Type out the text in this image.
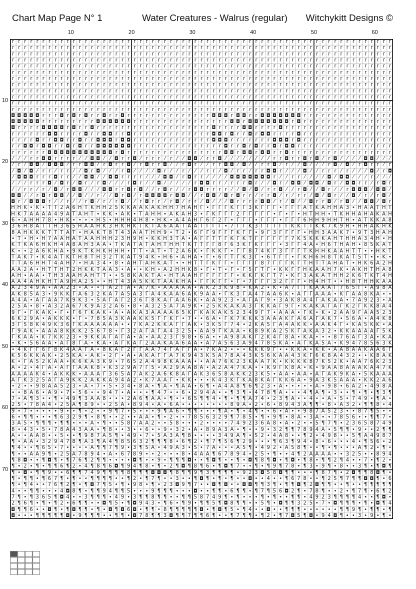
Chart Map Page N° 1	Water Creatures - Walrus (regular) Witchykitt Designs ©
10	20	30	40	50	60
10
20
30
40
50
60
70
r r r r r r r r r r r r r r r r r r r r r r r r r r r r r r r r r r r r r r r r r r r r r r r r r r r r r r r r r r r r r r r
r r r r r r r r r r r r r r r r r r r r r r r r r r r r r r r r r r r r r r r r r r r r r r r r r r r r r r r r r r r r r r r
r r r r r r r r r r r r r r r r r r r r r r r r r r r r r r r r r r r r r r r r r r r r r r r r r r r r r r r r r r r r r r r
r r r r r r r r r r r r r r r r r r r r r r r r r r r r r r r r r r r r r r r r r r r r r r r r r r r r r r r r r r r r r r r
r r r r r r r r r r r r r r r r r r r r r r r r r r r r r r r r r r r r r r r r r r r r r r r r r r r r r r r r r r r r r r r
r r r r r r r r r r r r r r r r r r r r r r r r r r r r r r r r r r r r r r r r r r r r r r r r r r r r r r r r r r r r r r r
r r r r r r r r r r r r r r r r r r r r r r r r r r r r r r r r r r r r r r r r r r r r r r r r r r r r r r r r r r r r r r r
r r r r r r r r r r r r r r r r r r r r r r r r r r r r r r r r r r r r r r r r r r r r r r r r r r r r r r r r r r r r r r r
r r r r r r r r r r r r r r r r r r r r r r r r r r r r r r r r r r r r r r r r r r r r r r r r r r r r r r r r r r r r r r r
r r r r r r r r r r r r r r r r r r r r r r r r r r r r r r r r r r r r r r r r r r r r r r r r r r r r r r r r r r r r r r r
r r r r r r r r r r r r r r r r r r r r r r r r r r r r r r r r r r r r r r r r r r r r r r r r r r r r r r r r r r r r r r r
r r r r r r r r r r r r r r r r r r r r r r r r r r r r r r r r r r r r r r r r r r r r r r r r r r r r r r r r r r r r r r r
◘ ◘ ◘ ◘ ◘ r r r ◘ r ◘ r ◘ r r ◘ r r ◘ r r r r r r r r r r r r r r ◘ ◘ ◘ r ◘ ◘ r r ◘ ◘ ◘ ◘ ◘ ◘ ◘ r r r r r r r r r r r r r r r
◘ ◘ ◘ ◘ ◘ r r r r r r r r r ◘ ◘ ◘ ◘ ◘ ◘ r r r r r r r r r r r r r r r r ◘ ◘ r ◘ ◘ ◘ ◘ ◘ ◘ ◘ r ◘ r r r r r r r r r r r r r r r
◘ r r r r ◘ ◘ ◘ ◘ r ◘ r r ◘ r r r r r r r r r r r r r r r r r r r ◘ r r r r ◘ ◘ r r r r ◘ r r r r r r r r r r r r r r r r r r
r r r r r r ◘ ◘ r r r r ◘ r r ◘ ◘ r r ◘ r r r r r r r r r r r r r ◘ ◘ r ◘ r r ◘ r ◘ ◘ r r r r ◘ r r r r r r r r r r r r r r r
r r r r ◘ r r ◘ ◘ r r ◘ r r ◘ ◘ ◘ r ◘ ◘ r r r r r r r r r r r r r ◘ ◘ ◘ r r r r r r r ◘ ◘ ◘ r ◘ r r r r r r r r r r r r r r r
r r ◘ ◘ r ◘ ◘ r r ◘ r ◘ r r ◘ ◘ ◘ ◘ ◘ ◘ r r r r r r r r r r r r r r r ◘ r r ◘ r ◘ r r ◘ r ◘ ◘ r r r r r r r r r r r r r r r r
r r r r r r ◘ ◘ ◘ ◘ ◘ ◘ ◘ ◘ ◘ ◘ ◘ r ◘ r r r r r r r r r r r r r r r r ◘ ◘ r ◘ ◘ r ◘ ◘ r r ◘ r r r r r r r r r r r r r r r r r
⁄ ⁄ ⁄ r r ◘ ◘ r r r r ⁄ ⁄ ◘ ◘ ⁄ ⁄ ◘ r r ◘ ⁄ r r r ⁄ r ⁄ ⁄ ◘ ◘ ⁄ r r ◘ ⁄ ⁄ ⁄ ⁄ ⁄ ⁄ ⁄ ⁄ r r ◘ r r ◘ r ◘ ⁄ r ◘ ⁄ ⁄ ⁄ ⁄ ◘ ◘ ⁄ ⁄ ⁄
⁄ r ⁄ ◘ ◘ ⁄ ◘ ◘ ◘ ⁄ r r ◘ ◘ ⁄ r ◘ r r ◘ ⁄ r ◘ r r ◘ ⁄ ⁄ r ◘ r ⁄ ⁄ r r ◘ ◘ ⁄ ◘ ⁄ ⁄ r r ◘ ⁄ r ⁄ ⁄ ◘ ⁄ ⁄ ⁄ r ◘ ⁄ ◘ ⁄ r ◘ r r ⁄ r
⁄ ◘ ⁄ ◘ ⁄ r r ⁄ r r ⁄ ⁄ ◘ r ◘ ⁄ ⁄ ⁄ r ◘ ⁄ ⁄ ⁄ ⁄ ◘ r ⁄ ⁄ r ⁄ ⁄ ⁄ r r ⁄ ◘ ⁄ r r ⁄ r r ◘ ◘ r ⁄ ⁄ ⁄ ◘ ⁄ ⁄ r r r ⁄ r ⁄ ⁄ ⁄ ◘ ⁄ r ◘
⁄ ◘ ◘ ◘ r r r ◘ r r ⁄ ⁄ ◘ ◘ ⁄ ⁄ ◘ ◘ r r r r ⁄ ⁄ ⁄ ◘ ◘ ⁄ r ◘ r r ⁄ ⁄ ⁄ ⁄ ◘ ◘ ◘ ◘ ◘ ◘ ◘ r ⁄ ⁄ r r ⁄ ⁄ ⁄ ⁄ ◘ ⁄ ◘ ◘ ⁄ ⁄ ⁄ r ⁄ ⁄ ⁄
⁄ ⁄ ⁄ r r r ◘ ⁄ ◘ r ⁄ ◘ r ⁄ r ◘ ⁄ ⁄ ⁄ r ◘ r ⁄ ⁄ ◘ ⁄ ⁄ ⁄ ⁄ ⁄ r ◘ ◘ r r ⁄ r r r ◘ r ⁄ ⁄ ◘ r ⁄ ◘ ◘ ⁄ ◘ ◘ ⁄ ◘ r ⁄ ◘ ◘ r r ⁄ r ◘ r
⁄ ⁄ r r ⁄ r ⁄ ◘ ⁄ r ◘ ◘ ⁄ ⁄ ⁄ ◘ ◘ r r ◘ r ◘ ⁄ ⁄ r ◘ r ⁄ ⁄ r ◘ ◘ r r r r ⁄ ⁄ ◘ ⁄ ◘ ⁄ r r ◘ ⁄ ⁄ r ◘ ⁄ ⁄ ◘ r ⁄ ⁄ r ◘ ◘ ◘ ⁄ ◘ ◘ ⁄
◘ ◘ ⁄ ⁄ r ◘ r ◘ ◘ ⁄ ⁄ ◘ ⁄ ⁄ r ⁄ ⁄ ◘ r ◘ ⁄ r ◘ ◘ ◘ ◘ r ◘ ◘ ⁄ ⁄ r ◘ ◘ ⁄ ◘ r ◘ r r ⁄ r r ◘ ⁄ r ⁄ r r ⁄ ◘ ⁄ ◘ r ⁄ ⁄ ◘ ⁄ r ⁄ r ◘ ⁄
◘ r ⁄ ◘ ◘ ◘ r ⁄ ⁄ r ⁄ ⁄ r ◘ ⁄ r ⁄ r ◘ ⁄ ⁄ r ◘ r r ⁄ r ◘ ⁄ r r ⁄ ◘ ⁄ ⁄ ⁄ ◘ r r r r ◘ ◘ ⁄ r ⁄ ◘ ⁄ ⁄ ◘ r r ◘ ⁄ r ◘ ⁄ ⁄ ◘ ◘ ⁄ ◘ r
H H K • K • T T 2 A 6 H T K H H 2 5 K K A A K A K H H 7 H A H Γ • Γ Γ Γ K Γ Γ 3 K Γ Γ Γ • Γ Γ Γ A T K A H H A 3 • H A A T H T
H K 7 A A A A 4 9 A T A H T • K K • A K • T A H H • A K A H 3 • Γ K Γ Γ Γ 2 Γ Γ Γ Γ Γ • Γ • Γ • H T H H • T K H H A H A K A H
6 • A H H 7 8 • H K • • • • H 5 • H H H 4 H 8 • H K • A 4 A H Γ 6 Γ 2 Γ • Γ Γ Γ • Γ Γ Γ • Γ Γ Γ 6 H H 9 H H T H • A T K K A 8
3 6 H 8 A T T H 3 6 5 H A A H K 3 H K H K T K T A 6 A A T A A T Γ Γ Γ • 7 Γ Γ K 3 Γ Γ T Γ Γ K K T T K K 7 K 9 H • H H A K H K
8 A H K K K T T T A T • H A K T 8 T 4 3 A A T H H 9 • T 2 • 6 Γ Γ 9 Γ Γ Γ K Γ Γ • 9 Γ 3 Γ Γ Γ Γ • H H 3 A A K 7 • 9 T 3 H A H
• T • H • H 7 A A H A T A A H H H 2 3 H 9 H • K K H 3 T A • A Γ Γ T T Γ K Γ K T Γ Γ Γ Γ Γ Γ 7 K 5 K K K A H T H H A 3 4 H • H
K T K A 6 H K H 4 A 8 A H 3 A A • T K A T A T A H T H H T K T T Γ Γ 8 Γ 6 3 K Γ K Γ Γ Γ • 3 Γ Γ 4 A • H 6 T H A H • 8 5 K A T
K • • 2 A 6 K H A • 9 K T K H K H H H • T T • A T • T 2 A 6 K • Γ K K Γ • Γ Γ 8 7 4 K Γ 3 Γ Γ Γ T K H H K A A H T T • • H K T
T A K 7 • K 4 A T K T H 8 T H 3 2 T K A T 9 4 K • H 6 • A H A • Γ • 6 Γ T Γ K 3 Γ • 6 T Γ Γ • Γ K H 6 H 8 T K A T 5 T • • K •
T T A 6 H H T 4 A H 7 • H A 3 4 • 8 • A H T A H K A T • • H T T Γ K Γ Γ • Γ Γ Γ Γ 8 7 Γ Γ Γ K Γ T H T T A H A T • H K 6 A 2 H
A A 2 A • H T T H T 2 H K K T A A 3 • A • • K H • A 2 H H K 8 • Γ • T • Γ • Γ 5 Γ T Γ • K K Γ Γ H K A A H 7 K • A K H T H A 8
A H • A A • T H 3 A A H A H T T • • 5 8 K A K T A • H T A A H Γ Γ Γ Γ Γ Γ • K K Γ K Γ T 7 • K Γ 3 A K A T H H 2 K 6 T K T 4 H
A A 4 A H K H T A 9 H A 2 5 • • H T 4 3 A 5 K K T A A K H A • Γ Γ K Γ Γ • Γ • 7 Γ Γ Γ 3 2 Γ Γ Γ • H 4 H T • • H 8 T H H K A A
A 2 3 4 9 A • A A 2 3 • A • • Γ A 2 Γ A • A 7 K • A A A A A • A K 2 3 K 9 8 • K A 2 • K • A 7 Γ Γ K A A A Γ 7 6 5 Γ • A 9 8 A
A K 8 5 A 3 • 9 K K Γ A 6 3 2 K A 7 A 5 A 3 Γ A 4 K A A 6 A K 9 A A • Γ K 3 Γ A 4 7 A A 6 K • A Γ Γ A A A • K Γ A A 8 K A • •
A 4 A • A Γ A A 7 K 9 K 3 • 5 A Γ A Γ 2 3 6 Γ 8 K A Γ A A 6 K • A A 9 2 3 • A Γ A Γ 9 • 3 A K 8 A 4 Γ A K A A • 7 A 9 2 3 • A
2 5 A • 8 • A 3 2 A 6 7 K 9 A 3 2 A 6 • 8 • A 3 2 5 A 7 A 9 K • 2 5 K K A K A 3 Γ K K A Γ 9 Γ • K A K A Γ A Γ K 2 Γ K K 8 A 4
9 Γ • Γ K A K • Γ • Γ 6 Γ K A K • A • A K A 3 A A A A 6 5 K Γ K A K A K 5 2 3 4 9 Γ 7 • A A A • Γ K • K • 2 A A 9 Γ A A 5 2 3
6 K 2 9 A • A K K K • Γ • 7 8 5 A 3 K A A K K 5 Γ Γ K Γ • 7 • • 6 A • Γ K 7 K K K 3 A A A K Γ A 6 A Γ A K 7 • 5 6 A • A 4 K 8
3 Γ 5 8 K 4 9 K 3 6 Γ K A A A A A A • • 7 K A 2 K K A Γ Γ A K • 3 K 5 Γ 7 4 • 2 K A 5 Γ A 4 A K K • A A K 4 Γ • K A 5 K K • A
Γ 9 A K • A A A 8 K K K 2 5 6 7 8 • Γ 3 2 A Γ A Γ A 4 3 2 5 • A A 9 Γ K A A • K 8 9 K A 2 5 K Γ A K A 3 2 • K K A A A A Γ 5 K
Γ K A A • K 7 K K 2 3 • 9 K K A Γ A Γ A • A • A A 2 3 Γ 9 8 • 6 A • • A 9 8 A K Γ 2 K 4 Γ 8 A • K A • • • 8 7 6 A Γ 3 A • K A
• K • 5 6 A A • A Γ 8 Γ A • K A • A Γ K A Γ 2 A A K A A 6 A A • A 7 A 5 6 3 A 9 4 7 8 5 K A • A Γ K A 5 A • K 9 4 7 8 5 6 3 K
• 4 K Γ Γ 6 Γ 8 K 4 A A Γ A • 8 K A Γ 2 Γ Γ A A 7 4 Γ A Γ Γ A • 7 K A 2 • • • K K K 9 Γ • • K K A • K K • A A 8 A A K A A 6 Γ
K 5 6 K K A K • 2 5 K A • A K • 2 Γ • A • A K A Γ Γ A 7 K 9 4 3 K 5 A 7 8 A 4 3 K 5 6 K A A 4 3 K Γ 6 K 8 A 4 3 2 • • K 8 A K
K • Γ A 5 2 K A A • K 6 K A 3 K 9 • 7 6 5 2 A 4 9 8 K A A A • • A A 7 6 K 2 3 K A A 7 K • K K K K 8 7 K 5 2 K • A A 7 6 K 2 3
A • 2 • 4 Γ A • A Γ Γ A A K 8 • K 3 2 9 A 7 Γ 5 • A 2 9 A A 8 A • A 2 A 4 7 K A • • K 9 Γ K 8 A • K • 9 A A 8 A A A K A 4 7 K
A A A A K 4 • A K K K • A A A Γ 3 6 5 A 7 A K 2 A 6 K 8 A Γ A K 3 6 5 8 A K K 2 3 K 5 • A A • A A • A Γ A K 9 K A • 5 K A A A
A Γ K 3 2 5 A Γ A 9 K K 2 A K K A 9 4 A 2 • K 7 A A Γ • K K • • • K 4 3 K Γ K A 8 K A Γ K K 6 A • 9 A 3 K 5 A A A • K K 2 A 6
• 2 • • 9 8 A A 5 2 3 • A • 7 • 5 • 3 4 • 8 A • ¶ A • ¶ A A • 6 ¶ • A 4 A 8 ¶ 6 ¶ 2 3 • A • • • • • A • 9 8 • 6 A 2 • 4 9 8 A
• • 8 A 6 • A 9 • 7 • 5 6 • • 9 4 7 • A • • • ¶ 4 7 • • 6 • 2 9 4 A • • ¶ 3 ¶ • 4 7 8 ¶ A • • • 4 ¶ A ¶ • 3 • • ¶ • ¶ • ¶ 3 ¶
7 • A ¶ 3 • • ¶ • 4 9 ¶ 3 A A 8 • • • 2 A 6 ¶ A A • ¶ • • 6 5 ¶ ¶ 4 • ¶ • ¶ ¶ A 7 4 • 2 3 ¶ A • • 4 • • A • 5 • 7 4 9 • ¶ A •
2 5 • 7 8 A 4 • 2 5 A ¶ 8 9 • • 2 5 A • 8 9 4 • A • 6 A • • • • • • • • 8 9 A • 2 • 6 • 8 9 4 3 A ¶ ¶ • 8 • A 3 2 • ¶ ¶ 8 • 4
9 • 7 • • • • • 9 • • ¶ • 2 • • 9 ¶ 7 • 5 • • • 9 ¶ A 6 • ¶ ¶ • • • ¶ A • ¶ • 4 ¶ • • 6 • A • • 9 8 7 A 5 2 3 • • 8 7 ¶ 5 • •
6 • ¶ ¶ • • • ¶ 6 3 2 9 ¶ • 8 ¶ • • 2 • • A A • ¶ • 2 • • 7 8 5 6 3 2 9 ¶ 7 8 5 • ¶ • 9 ¶ • 8 A • 3 A • • 7 8 5 6 • • ¶ ¶ 7 •
3 A 5 • ¶ ¶ ¶ • ¶ ¶ • • • A • ¶ • • 5 8 7 A A 2 • • 5 8 • • • 2 • • • • 7 4 9 2 3 6 A 8 • A • 2 • • 5 ¶ 7 ¶ • 2 3 6 5 8 7 4 9
8 • 4 3 • 5 • 7 8 A 4 3 A A • ¶ 8 • • 3 • • 6 • • 9 • 3 2 • A • 8 9 A 3 A • ¶ • • 9 • 3 2 ¶ ¶ 7 8 9 4 A • 5 ¶ ¶ • 9 • • 2 ¶ ¶
A • • A A 8 • • 5 • • ¶ 9 8 7 A 5 ¶ • 4 9 • 7 • 5 A 3 A ¶ 8 • • • • 3 4 9 A ¶ • 5 2 • 4 A 8 • • ¶ 2 • 4 9 8 • • 5 ¶ A 4 9 8 7
¶ • A A • 3 2 9 4 7 8 ¶ A 3 ¶ A 4 ¶ 8 5 6 3 2 ¶ ¶ ¶ 8 • 6 ¶ 2 • ¶ 7 ¶ 5 6 ¶ 2 9 • • • ¶ 6 3 ¶ 9 4 • 8 • 6 • • • 4 • ¶ 5 6 • 2
¶ 4 • • ¶ 6 5 • 7 • • • • A ¶ ¶ 7 ¶ 9 • 3 ¶ 5 A • 4 9 A 3 • 5 • 7 A • • • A 5 ¶ • 4 9 2 • A 5 8 ¶ • • ¶ • ¶ • • • A ¶ 2 • ¶ •
¶ • • A A 9 ¶ • 2 5 A 7 8 9 4 • A • 6 7 8 9 • • 2 • • • 8 • 4 A A ¶ 6 7 8 9 4 • 2 5 • ¶ • • 4 ¶ 2 A A A A • • 3 2 5 • • 8 9 4
¶ 8 ◘ • • ¶ ◘ ¶ • ¶ 7 6 ¶ 2 ¶ ¶ • • • • ◘ ¶ • • 9 • ¶ ¶ ¶ ◘ • • ¶ ◘ ¶ • • ¶ • ◘ ¶ 8 ¶ ◘ • ¶ ◘ • ¶ 8 • ¶ ¶ 2 ¶ 4 • • 7 • ¶ 2 •
¶ • 2 • ¶ • ¶ ¶ 6 ¶ 2 • 4 ¶ 8 ¶ 6 ◘ ¶ 9 4 ¶ 8 • ¶ • 2 ¶ ◘ ¶ 8 ¶ 6 • ¶ ◘ ¶ 7 • • ¶ • ¶ 9 ¶ 7 8 • ¶ 3 • 9 ¶ • 8 • • 3 ¶ • ¶ ◘ ¶
¶ • ◘ • ¶ ¶ 9 • • 6 ¶ ¶ 7 4 9 ¶ ¶ ¶ ¶ 8 ¶ ¶ ¶ ◘ ◘ ◘ ¶ 8 ¶ ¶ 9 ¶ 3 ¶ ¶ ¶ ¶ • 9 2 3 ◘ 5 8 ◘ ¶ ¶ • • • ¶ 8 7 ¶ • 2 ◘ ¶ ¶ 8 ◘ ¶ •
¶ • ¶ ¶ • ¶ 6 7 ¶ • ¶ • • ¶ ¶ ¶ ¶ • • ¶ 2 • ¶ 7 ¶ • • 3 • • ¶ ◘ ¶ • ¶ • ¶ • • ◘ • • 4 • • ¶ 6 7 8 • • ¶ 2 5 ¶ 7 ¶ ¶ ◘ ◘ ¶ • 6
¶ • ¶ 4 • • 7 6 ¶ 2 ¶ • ¶ ◘ 7 ¶ 5 • ¶ • 9 8 • ¶ • 2 3 ◘ 9 ¶ 7 • • ◘ ¶ ◘ • • ◘ ◘ ¶ ¶ 3 ¶ • ¶ ¶ ◘ ¶ 2 ◘ ¶ ¶ • • ¶ • • ¶ ¶ ¶ ¶ ¶
4 • • ¶ ¶ • • • 4 ◘ 8 ¶ • ¶ ¶ 9 4 ¶ ¶ 5 • • • 9 ¶ ¶ ¶ • • • ◘ • • ¶ ¶ • 6 ¶ ¶ • ¶ 7 ¶ 5 6 ◘ 2 ¶ • 7 8 ¶ • • 2 • ¶ 7 ¶ • 6 ¶ 2
7 ¶ • ¶ 3 6 5 ¶ ◘ 4 • • 3 ¶ ¶ ¶ • 4 9 • 3 ¶ ¶ 8 ¶ ¶ • • ¶ ¶ 5 8 7 4 9 ¶ • ¶ • • • ¶ • ¶ • • ¶ ¶ • 4 9 2 3 ¶ ¶ ¶ ¶ 4 • • ¶ ◘ •
2 ¶ 6 ¶ • ¶ • ¶ 2 • 6 ¶ ¶ • • ◘ ¶ 5 • ¶ ◘ 9 4 3 • ¶ 6 • ¶ 9 • ¶ ¶ 5 ¶ ◘ 8 ¶ ¶ • • 5 ¶ • ◘ ¶ ¶ 3 2 5 • 7 • ◘ ¶ ¶ ¶ • ¶ • ◘ ¶ 4
◘ ¶ ¶ 6 • • ◘ ¶ • ¶ ◘ ¶ ¶ • ¶ • ◘ ¶ ◘ 6 ◘ • ¶ ¶ • 8 ¶ ¶ ¶ ¶ ¶ ◘ • ¶ ◘ ¶ 5 • ¶ 4 • • ◘ • • ¶ ¶ ¶ • • • • • • ¶ ¶ 9 ¶ • ¶ ¶ • ¶
◘ • • • ¶ ¶ ¶ ¶ ¶ ◘ • 9 ¶ ¶ ¶ • • ¶ ¶ • ◘ 7 8 ¶ ¶ 3 ◘ ¶ ¶ 7 ¶ ¶ 6 ¶ • • ¶ 7 ¶ ¶ • ¶ 2 • ¶ 7 ◘ 5 ¶ ◘ • 9 4 ◘ ¶ • • 3 • 9 • ¶ •
